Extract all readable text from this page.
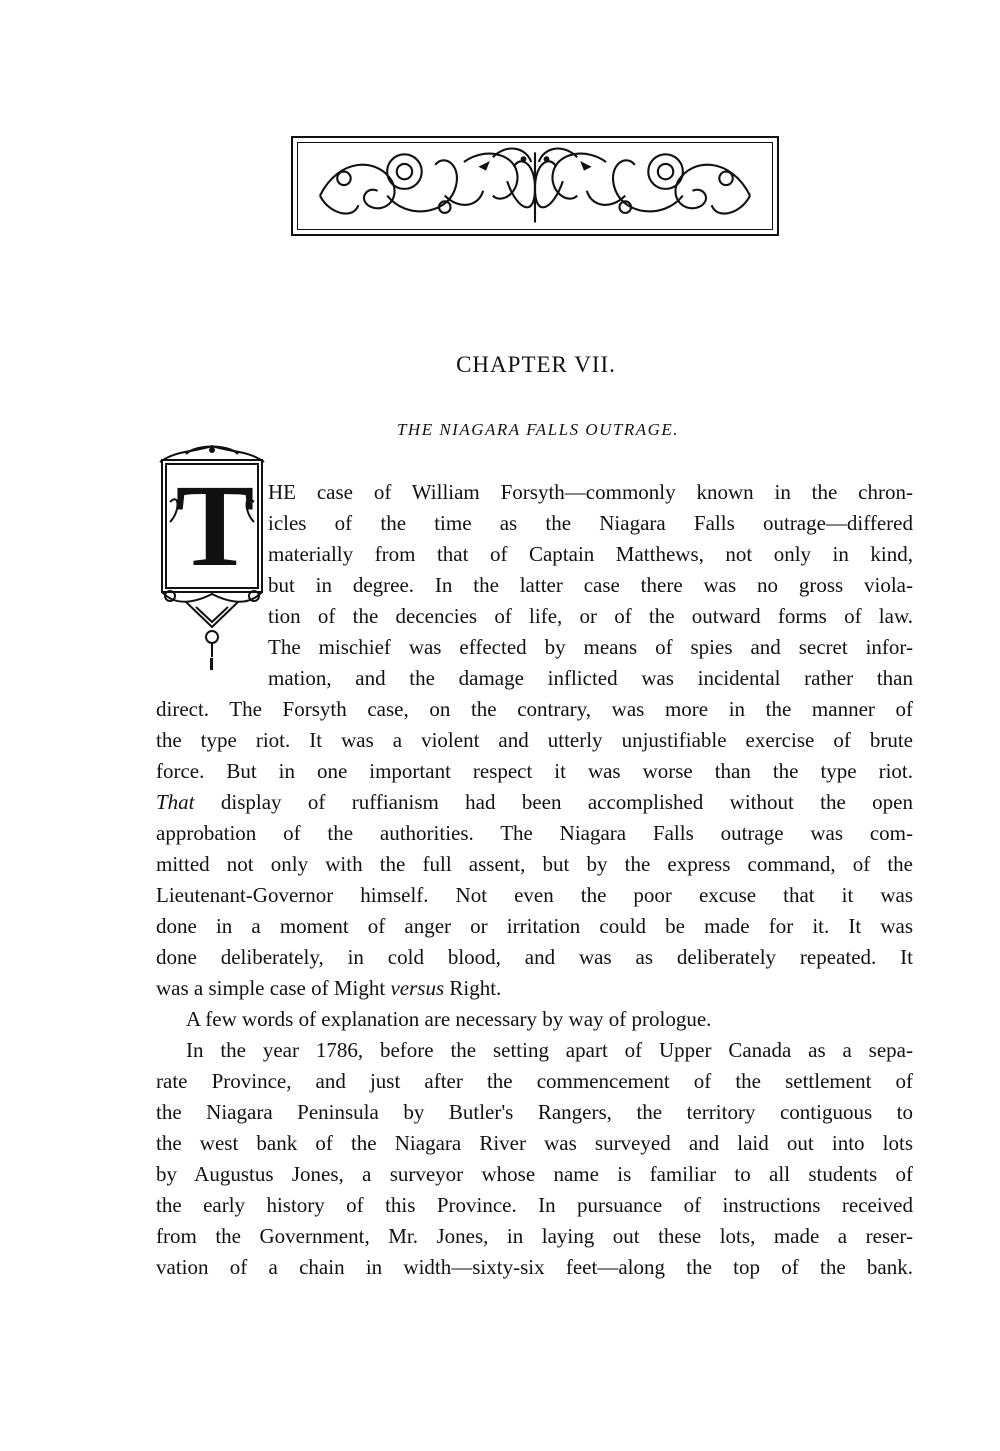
CHAPTER VII.
THE NIAGARA FALLS OUTRAGE.
T HE case of William Forsyth—commonly known in the chron-
icles of the time as the Niagara Falls outrage—differed
materially from that of Captain Matthews, not only in kind,
but in degree. In the latter case there was no gross viola-
tion of the decencies of life, or of the outward forms of law.
The mischief was effected by means of spies and secret infor-
mation, and the damage inflicted was incidental rather than
direct. The Forsyth case, on the contrary, was more in the manner of
the type riot. It was a violent and utterly unjustifiable exercise of brute
force. But in one important respect it was worse than the type riot.
That display of ruffianism had been accomplished without the open
approbation of the authorities. The Niagara Falls outrage was com-
mitted not only with the full assent, but by the express command, of the
Lieutenant-Governor himself. Not even the poor excuse that it was
done in a moment of anger or irritation could be made for it. It was
done deliberately, in cold blood, and was as deliberately repeated. It
was a simple case of Might versus Right.
A few words of explanation are necessary by way of prologue.
In the year 1786, before the setting apart of Upper Canada as a sepa-
rate Province, and just after the commencement of the settlement of
the Niagara Peninsula by Butler's Rangers, the territory contiguous to
the west bank of the Niagara River was surveyed and laid out into lots
by Augustus Jones, a surveyor whose name is familiar to all students of
the early history of this Province. In pursuance of instructions received
from the Government, Mr. Jones, in laying out these lots, made a reser-
vation of a chain in width—sixty-six feet—along the top of the bank.
